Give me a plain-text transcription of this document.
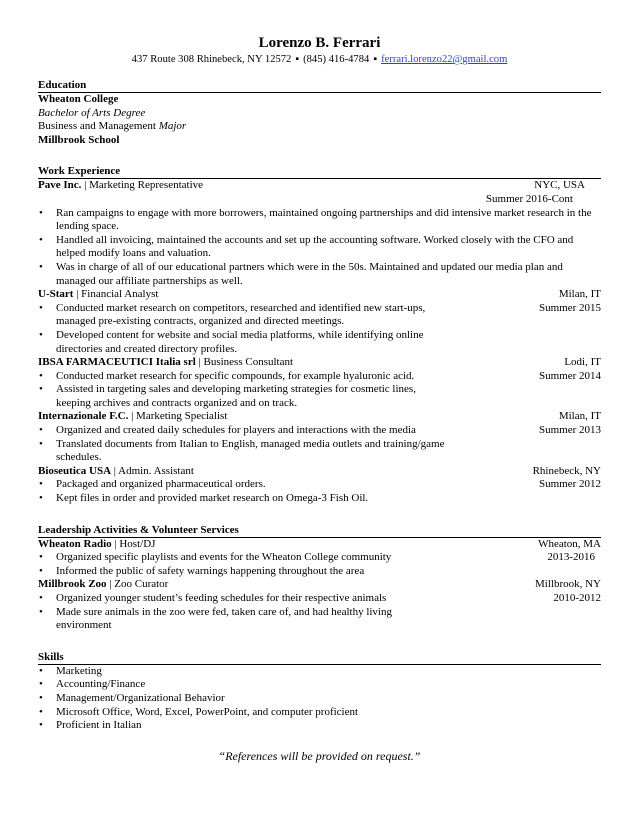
Lorenzo B. Ferrari
437 Route 308 Rhinebeck, NY 12572 ▪ (845) 416-4784 ▪ ferrari.lorenzo22@gmail.com
Education
Wheaton College
Bachelor of Arts Degree
Business and Management Major
Millbrook School
Work Experience
Pave Inc. | Marketing Representative	NYC, USA
Summer 2016-Cont
• Ran campaigns to engage with more borrowers, maintained ongoing partnerships and did intensive market research in the lending space.
• Handled all invoicing, maintained the accounts and set up the accounting software. Worked closely with the CFO and helped modify loans and valuation.
• Was in charge of all of our educational partners which were in the 50s. Maintained and updated our media plan and managed our affiliate partnerships as well.
U-Start | Financial Analyst	Milan, IT
• Conducted market research on competitors, researched and identified new start-ups, managed pre-existing contracts, organized and directed meetings.
Summer 2015
• Developed content for website and social media platforms, while identifying online directories and created directory profiles.
IBSA FARMACEUTICI Italia srl | Business Consultant	Lodi, IT
• Conducted market research for specific compounds, for example hyaluronic acid.	Summer 2014
• Assisted in targeting sales and developing marketing strategies for cosmetic lines, keeping archives and contracts organized and on track.
Internazionale F.C. | Marketing Specialist	Milan, IT
• Organized and created daily schedules for players and interactions with the media	Summer 2013
• Translated documents from Italian to English, managed media outlets and training/game schedules.
Bioseutica USA | Admin. Assistant	Rhinebeck, NY
• Packaged and organized pharmaceutical orders.	Summer 2012
• Kept files in order and provided market research on Omega-3 Fish Oil.
Leadership Activities & Volunteer Services
Wheaton Radio | Host/DJ	Wheaton, MA
• Organized specific playlists and events for the Wheaton College community	2013-2016
• Informed the public of safety warnings happening throughout the area
Millbrook Zoo | Zoo Curator	Millbrook, NY
• Organized younger student’s feeding schedules for their respective animals	2010-2012
• Made sure animals in the zoo were fed, taken care of, and had healthy living environment
Skills
• Marketing
• Accounting/Finance
• Management/Organizational Behavior
• Microsoft Office, Word, Excel, PowerPoint, and computer proficient
• Proficient in Italian
“References will be provided on request.”
